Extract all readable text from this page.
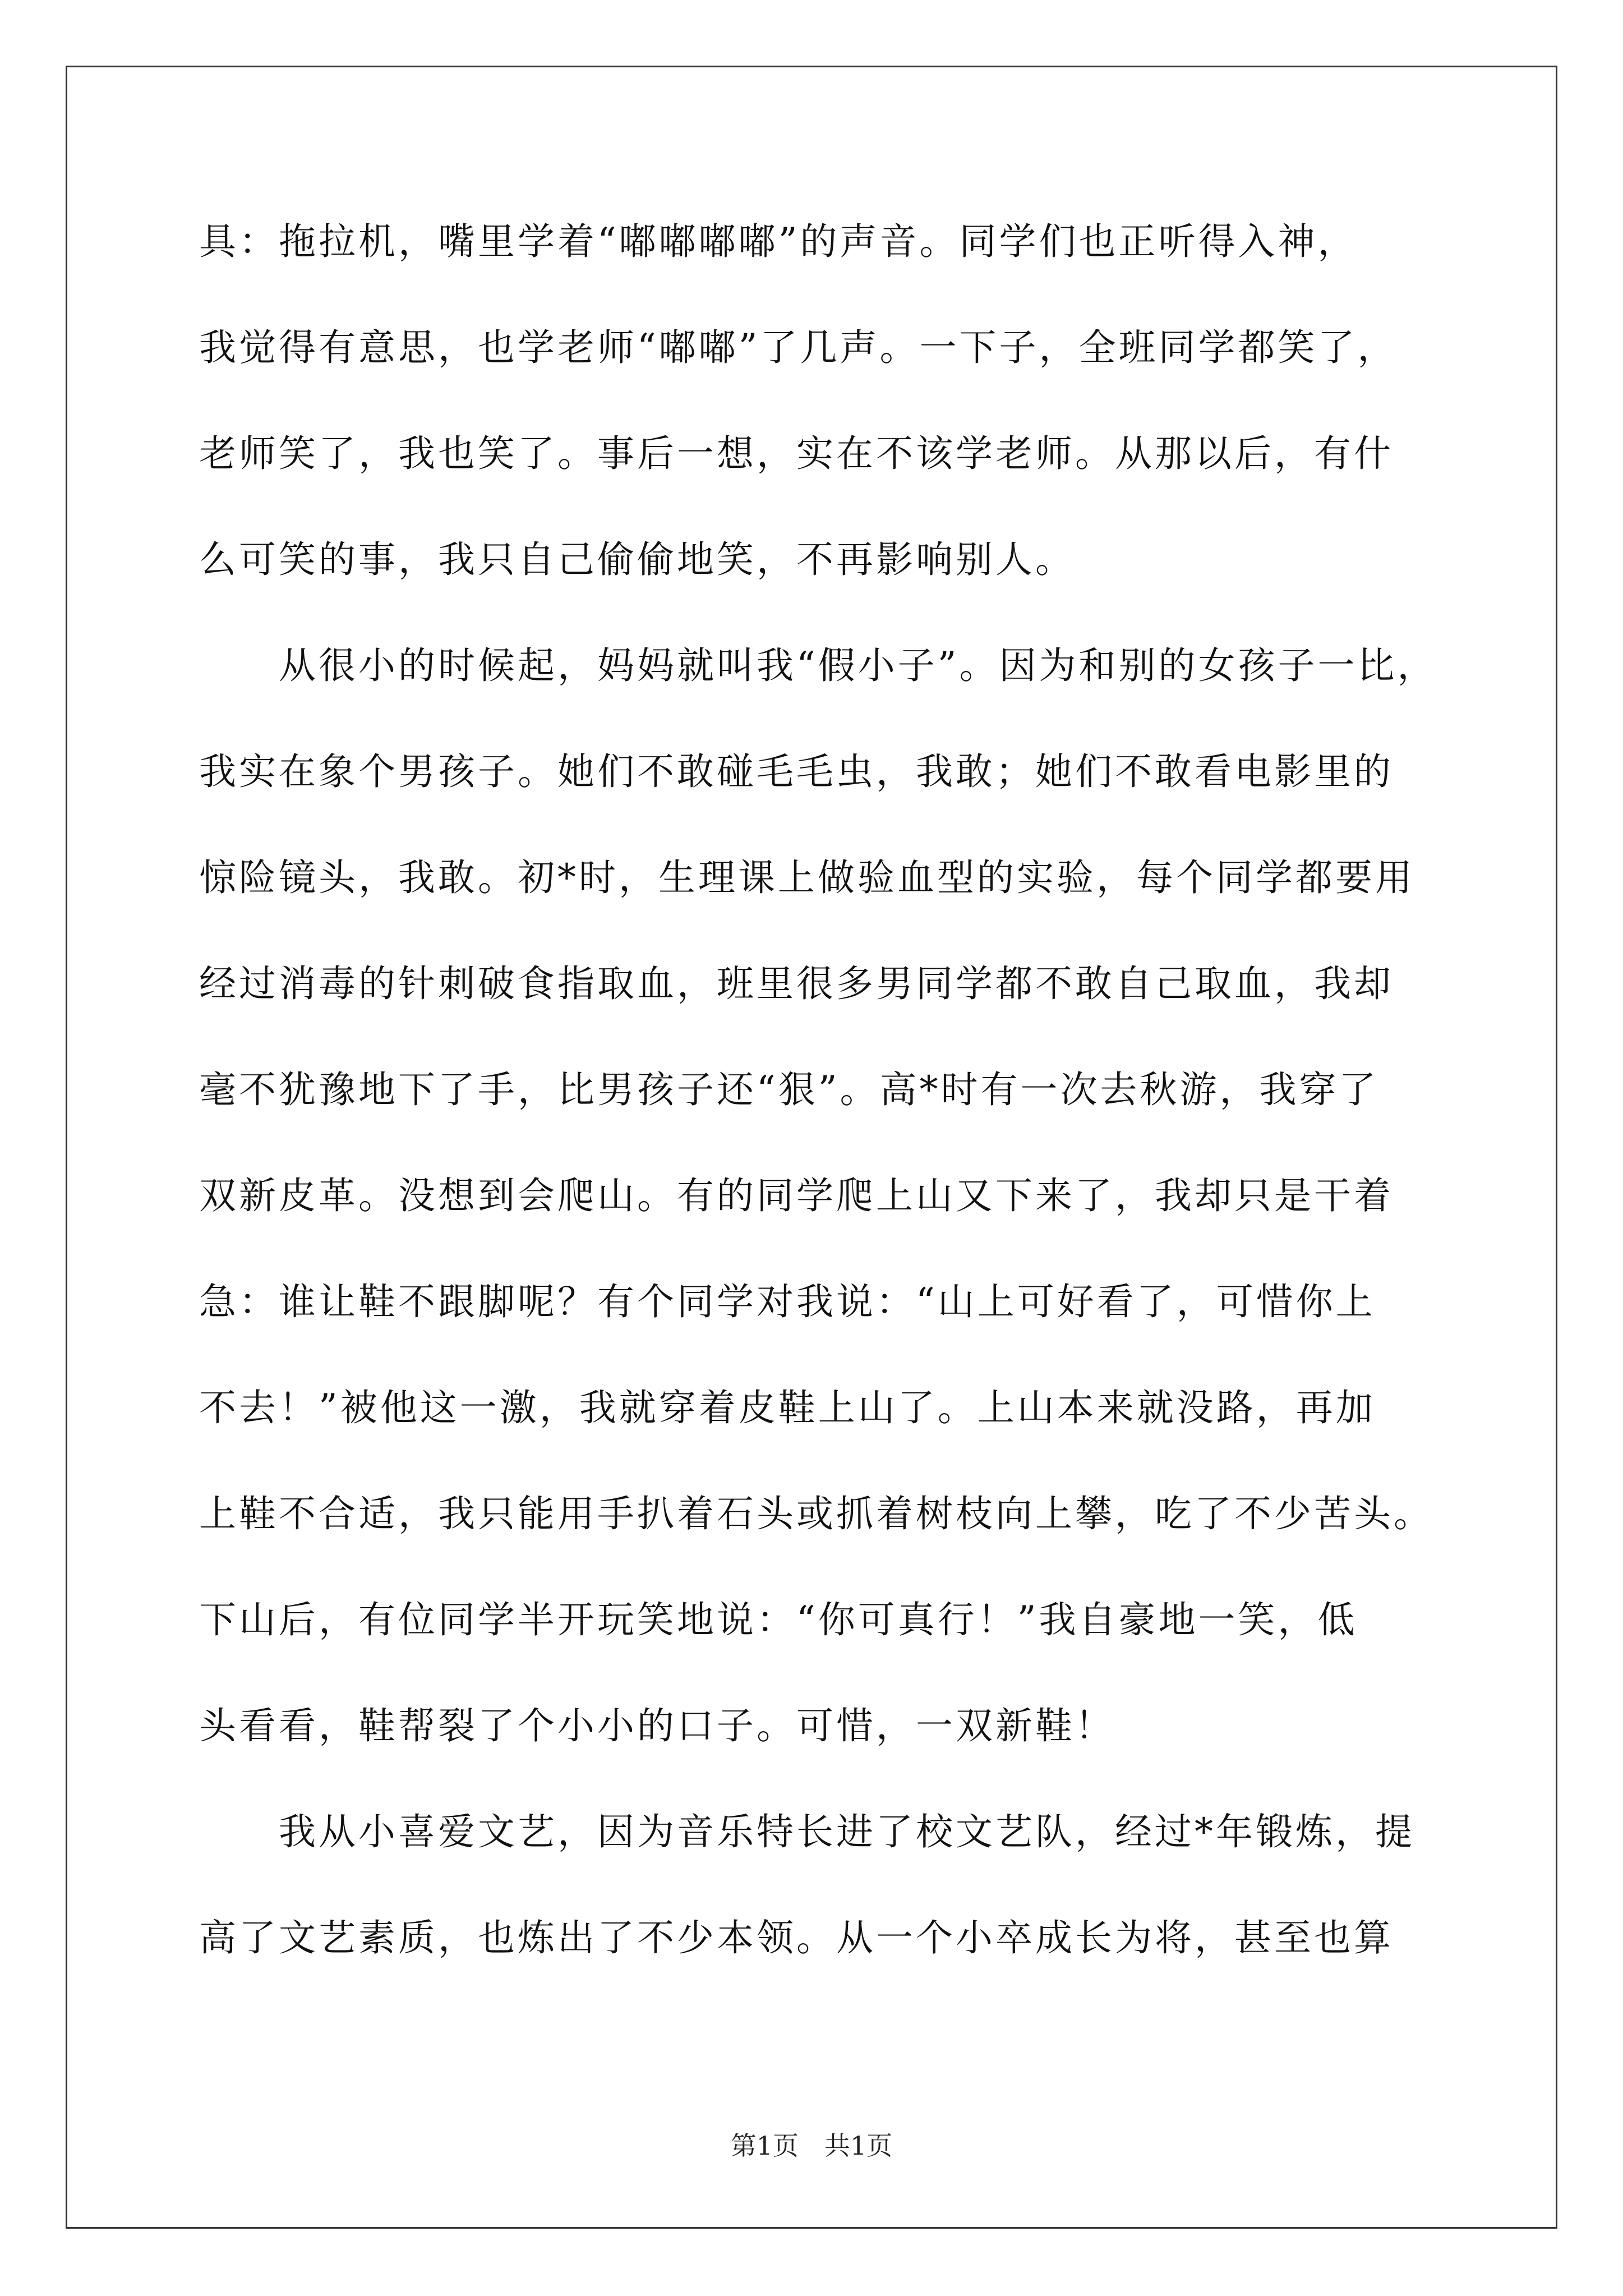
具：拖拉机，嘴里学着“嘟嘟嘟嘟”的声音。同学们也正听得入神，
我觉得有意思，也学老师“嘟嘟”了几声。一下子，全班同学都笑了，
老师笑了，我也笑了。事后一想，实在不该学老师。从那以后，有什
么可笑的事，我只自己偷偷地笑，不再影响别人。
　　从很小的时候起，妈妈就叫我“假小子”。因为和别的女孩子一比，
我实在象个男孩子。她们不敢碰毛毛虫，我敢；她们不敢看电影里的
惊险镜头，我敢。初*时，生理课上做验血型的实验，每个同学都要用
经过消毒的针刺破食指取血，班里很多男同学都不敢自己取血，我却
毫不犹豫地下了手，比男孩子还“狠”。高*时有一次去秋游，我穿了
双新皮革。没想到会爬山。有的同学爬上山又下来了，我却只是干着
急：谁让鞋不跟脚呢？有个同学对我说：“山上可好看了，可惜你上
不去！”被他这一激，我就穿着皮鞋上山了。上山本来就没路，再加
上鞋不合适，我只能用手扒着石头或抓着树枝向上攀，吃了不少苦头。
下山后，有位同学半开玩笑地说：“你可真行！”我自豪地一笑，低
头看看，鞋帮裂了个小小的口子。可惜，一双新鞋！
　　我从小喜爱文艺，因为音乐特长进了校文艺队，经过*年锻炼，提
高了文艺素质，也炼出了不少本领。从一个小卒成长为将，甚至也算
第1页　共1页
